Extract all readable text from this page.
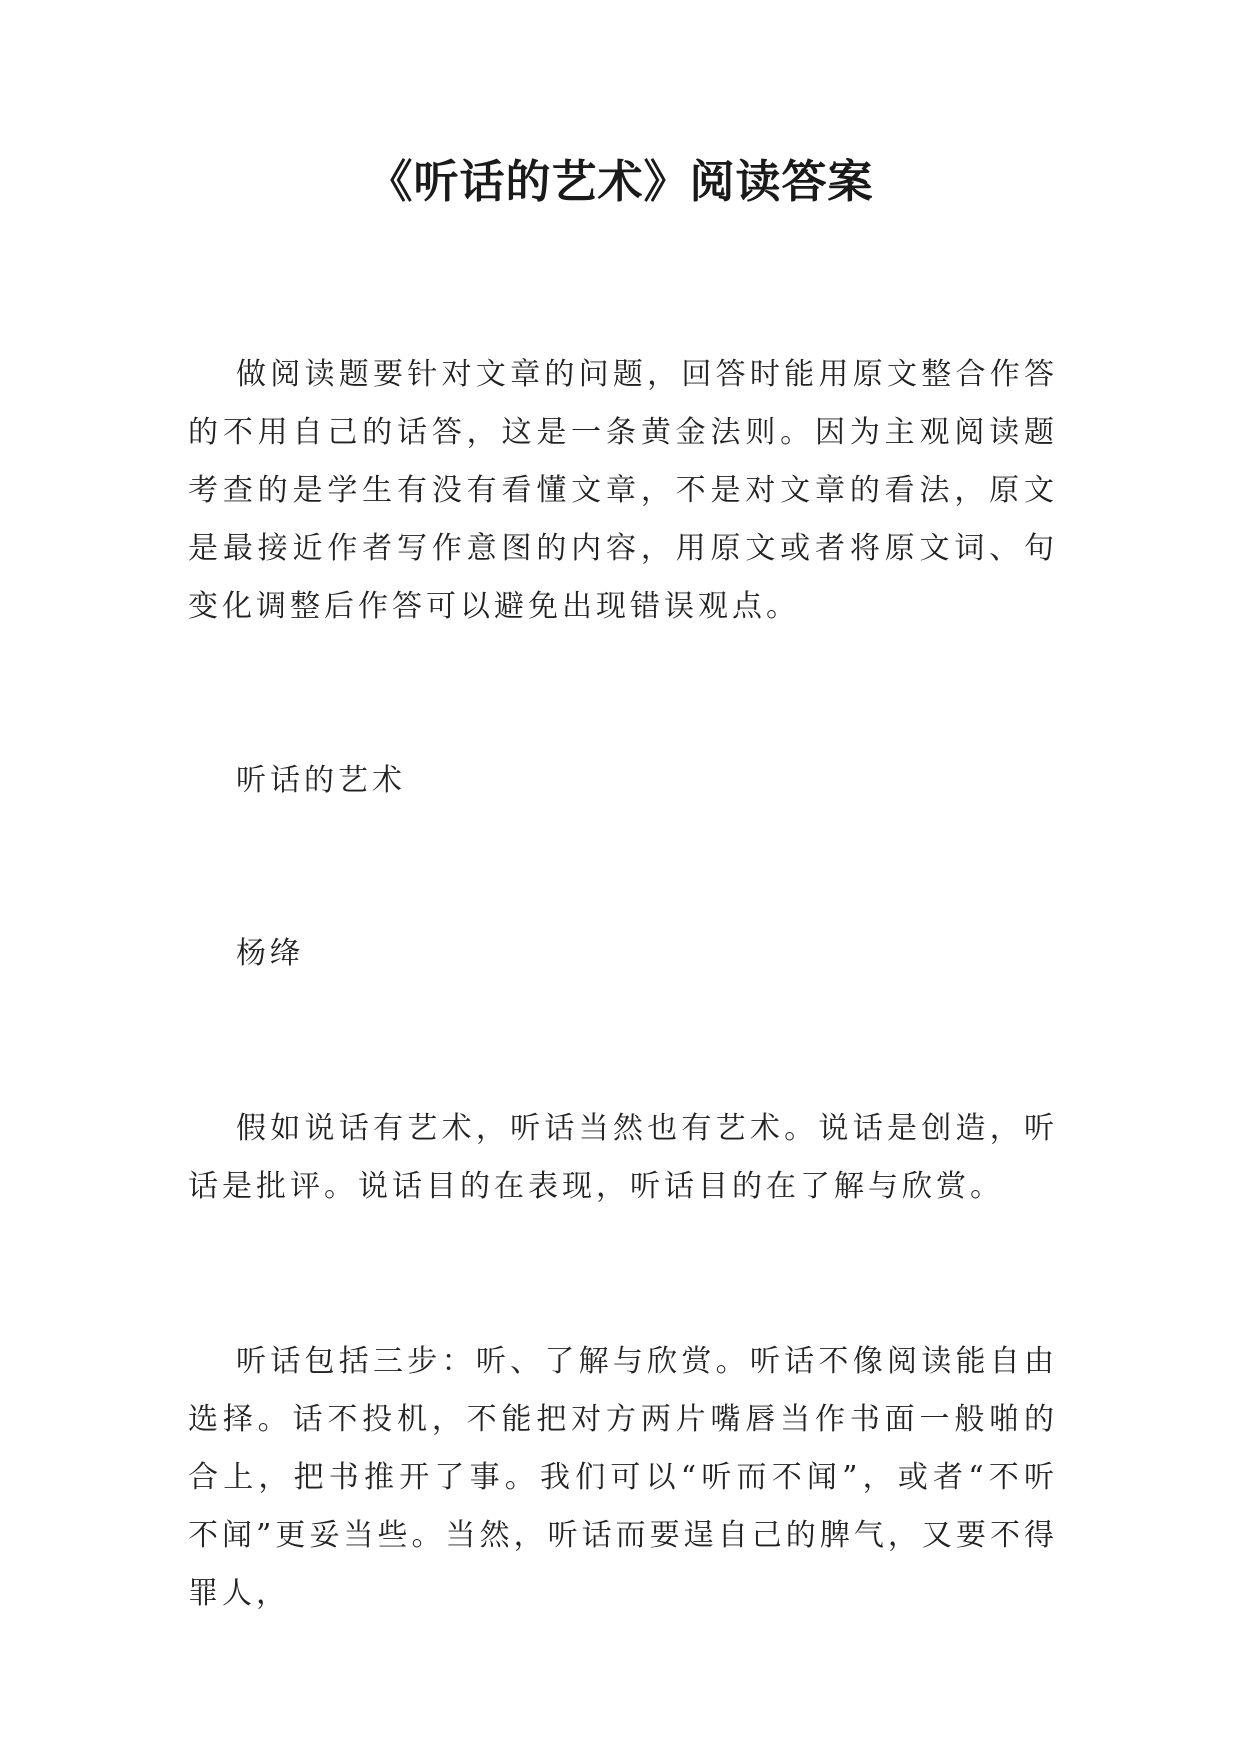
《听话的艺术》阅读答案

做阅读题要针对文章的问题，回答时能用原文整合作答的不用自己的话答，这是一条黄金法则。因为主观阅读题考查的是学生有没有看懂文章，不是对文章的看法，原文是最接近作者写作意图的内容，用原文或者将原文词、句变化调整后作答可以避免出现错误观点。

听话的艺术

杨绛

假如说话有艺术，听话当然也有艺术。说话是创造，听话是批评。说话目的在表现，听话目的在了解与欣赏。

听话包括三步：听、了解与欣赏。听话不像阅读能自由选择。话不投机，不能把对方两片嘴唇当作书面一般啪的合上，把书推开了事。我们可以“听而不闻”，或者“不听不闻”更妥当些。当然，听话而要逞自己的脾气，又要不得罪人，
